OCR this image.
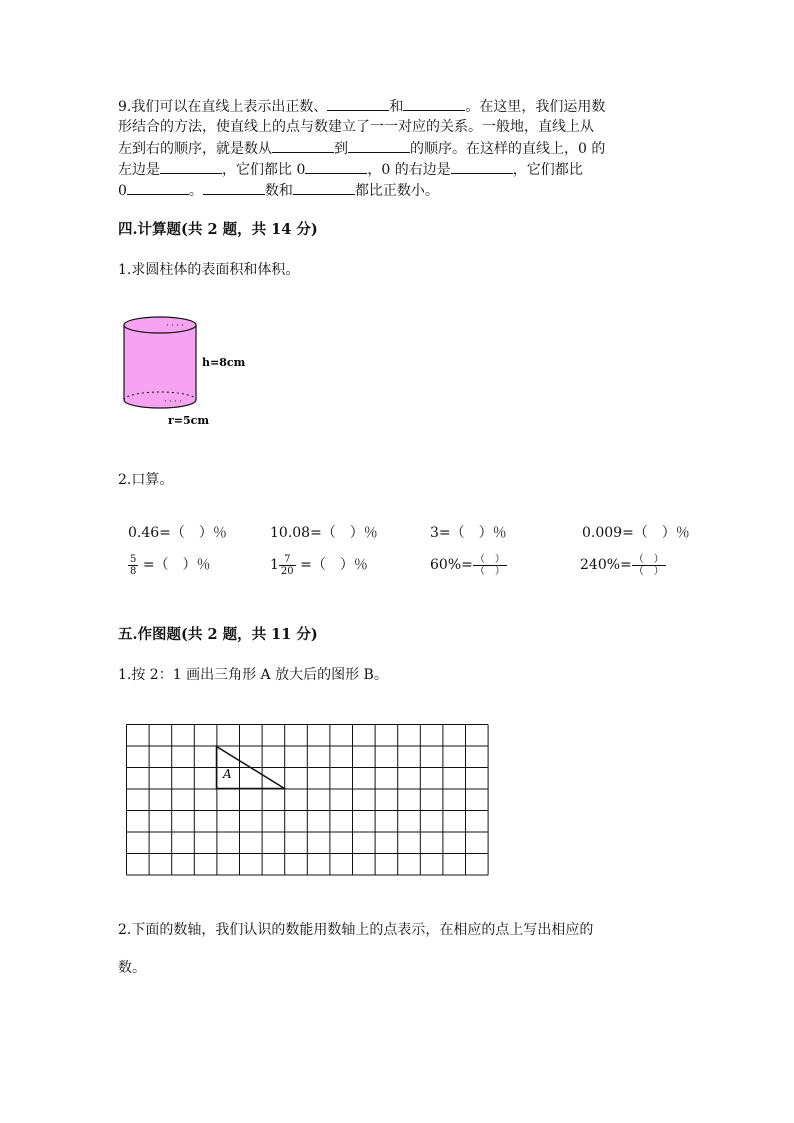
9.我们可以在直线上表示出正数、	和	。在这里，我们运用数
形结合的方法，使直线上的点与数建立了一一对应的关系。一般地，直线上从
左到右的顺序，就是数从	到	的顺序。在这样的直线上，0 的
左边是	，它们都比 0	，0 的右边是	，它们都比
0	。	数和	都比正数小。
四.计算题(共 2 题，共 14 分)
1.求圆柱体的表面积和体积。
· · · ·
· · · ·
h=8cm
r=5cm
2.口算。
0.46=（　）％	10.08=（　）％	3=（　）％	0.009=（　）％
$\frac{5}{8}$ =（　）％	$1 \frac{7}{20}$ =（　）％	$60\%= \frac{( )}{( )}$	$240\%= \frac{( )}{( )}$
五.作图题(共 2 题，共 11 分)
1.按 2：1 画出三角形 A 放大后的图形 B。
A
2.下面的数轴，我们认识的数能用数轴上的点表示，在相应的点上写出相应的
数。
